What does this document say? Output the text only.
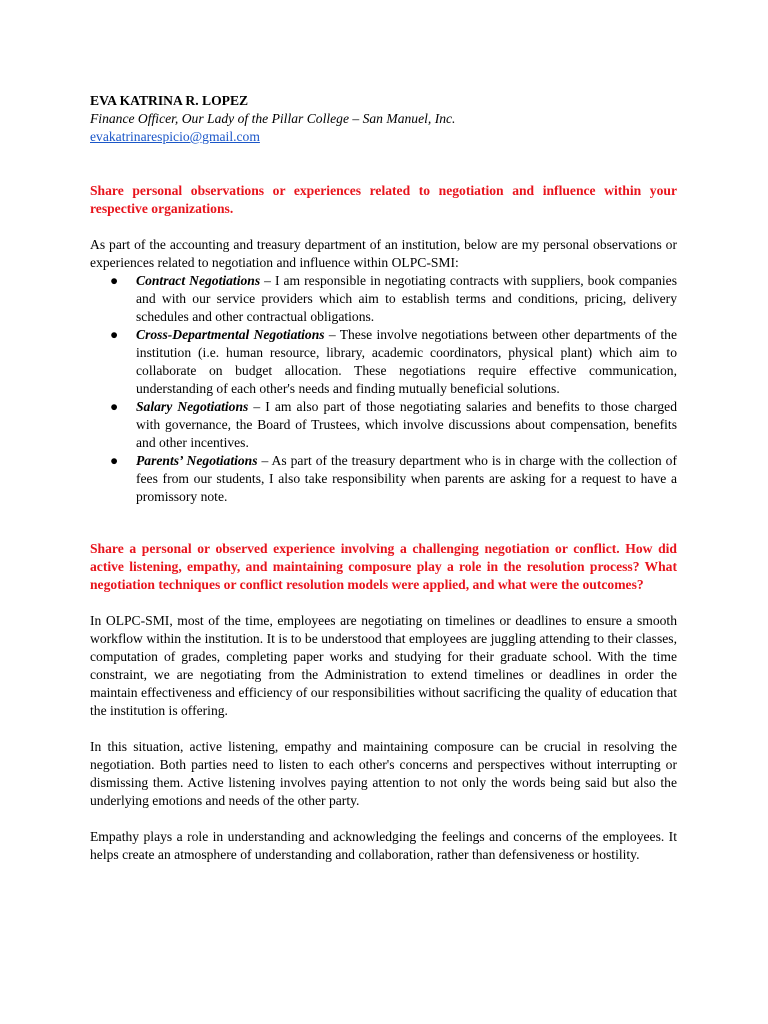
EVA KATRINA R. LOPEZ

Finance Officer, Our Lady of the Pillar College – San Manuel, Inc.

evakatrinarespicio@gmail.com

Share personal observations or experiences related to negotiation and influence within your respective organizations.

As part of the accounting and treasury department of an institution, below are my personal observations or experiences related to negotiation and influence within OLPC-SMI:

● Contract Negotiations – I am responsible in negotiating contracts with suppliers, book companies and with our service providers which aim to establish terms and conditions, pricing, delivery schedules and other contractual obligations.
● Cross-Departmental Negotiations – These involve negotiations between other departments of the institution (i.e. human resource, library, academic coordinators, physical plant) which aim to collaborate on budget allocation. These negotiations require effective communication, understanding of each other's needs and finding mutually beneficial solutions.
● Salary Negotiations – I am also part of those negotiating salaries and benefits to those charged with governance, the Board of Trustees, which involve discussions about compensation, benefits and other incentives.
● Parents’ Negotiations – As part of the treasury department who is in charge with the collection of fees from our students, I also take responsibility when parents are asking for a request to have a promissory note.

Share a personal or observed experience involving a challenging negotiation or conflict. How did active listening, empathy, and maintaining composure play a role in the resolution process? What negotiation techniques or conflict resolution models were applied, and what were the outcomes?

In OLPC-SMI, most of the time, employees are negotiating on timelines or deadlines to ensure a smooth workflow within the institution. It is to be understood that employees are juggling attending to their classes, computation of grades, completing paper works and studying for their graduate school. With the time constraint, we are negotiating from the Administration to extend timelines or deadlines in order the maintain effectiveness and efficiency of our responsibilities without sacrificing the quality of education that the institution is offering.

In this situation, active listening, empathy and maintaining composure can be crucial in resolving the negotiation. Both parties need to listen to each other's concerns and perspectives without interrupting or dismissing them. Active listening involves paying attention to not only the words being said but also the underlying emotions and needs of the other party.

Empathy plays a role in understanding and acknowledging the feelings and concerns of the employees. It helps create an atmosphere of understanding and collaboration, rather than defensiveness or hostility.
